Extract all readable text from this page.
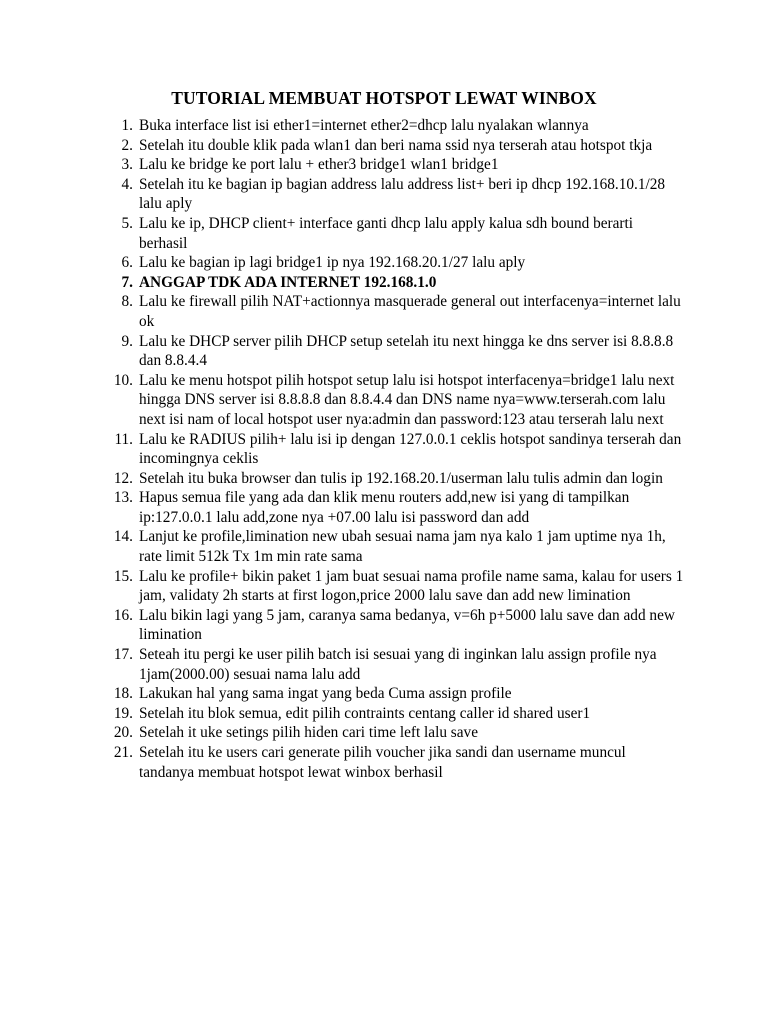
TUTORIAL MEMBUAT HOTSPOT LEWAT WINBOX
1. Buka interface list isi ether1=internet ether2=dhcp lalu nyalakan wlannya
2. Setelah itu double klik pada wlan1 dan beri nama ssid nya terserah atau hotspot tkja
3. Lalu ke bridge ke port lalu + ether3 bridge1 wlan1 bridge1
4. Setelah itu ke bagian ip bagian address lalu address list+ beri ip dhcp 192.168.10.1/28 lalu aply
5. Lalu ke ip, DHCP client+ interface ganti dhcp lalu apply kalua sdh bound berarti berhasil
6. Lalu ke bagian ip lagi bridge1 ip nya 192.168.20.1/27 lalu aply
7. ANGGAP TDK ADA INTERNET 192.168.1.0
8. Lalu ke firewall pilih NAT+actionnya masquerade general out interfacenya=internet lalu ok
9. Lalu ke DHCP server pilih DHCP setup setelah itu next hingga ke dns server isi 8.8.8.8 dan 8.8.4.4
10. Lalu ke menu hotspot pilih hotspot setup lalu isi hotspot interfacenya=bridge1 lalu next hingga DNS server isi 8.8.8.8 dan 8.8.4.4 dan DNS name nya=www.terserah.com lalu next isi nam of local hotspot user nya:admin dan password:123 atau terserah lalu next
11. Lalu ke RADIUS pilih+ lalu isi ip dengan 127.0.0.1 ceklis hotspot sandinya terserah dan incomingnya ceklis
12. Setelah itu buka browser dan tulis ip 192.168.20.1/userman lalu tulis admin dan login
13. Hapus semua file yang ada dan klik menu routers add,new isi yang di tampilkan ip:127.0.0.1 lalu add,zone nya +07.00 lalu isi password dan add
14. Lanjut ke profile,limination new ubah sesuai nama jam nya kalo 1 jam uptime nya 1h, rate limit 512k Tx 1m min rate sama
15. Lalu ke profile+ bikin paket 1 jam buat sesuai nama profile name sama, kalau for users 1 jam, validaty 2h starts at first logon,price 2000 lalu save dan add new limination
16. Lalu bikin lagi yang 5 jam, caranya sama bedanya, v=6h p+5000 lalu save dan add new limination
17. Seteah itu pergi ke user pilih batch isi sesuai yang di inginkan lalu assign profile nya 1jam(2000.00) sesuai nama lalu add
18. Lakukan hal yang sama ingat yang beda Cuma assign profile
19. Setelah itu blok semua, edit pilih contraints centang caller id shared user1
20. Setelah it uke setings pilih hiden cari time left lalu save
21. Setelah itu ke users cari generate pilih voucher jika sandi dan username muncul tandanya membuat hotspot lewat winbox berhasil
